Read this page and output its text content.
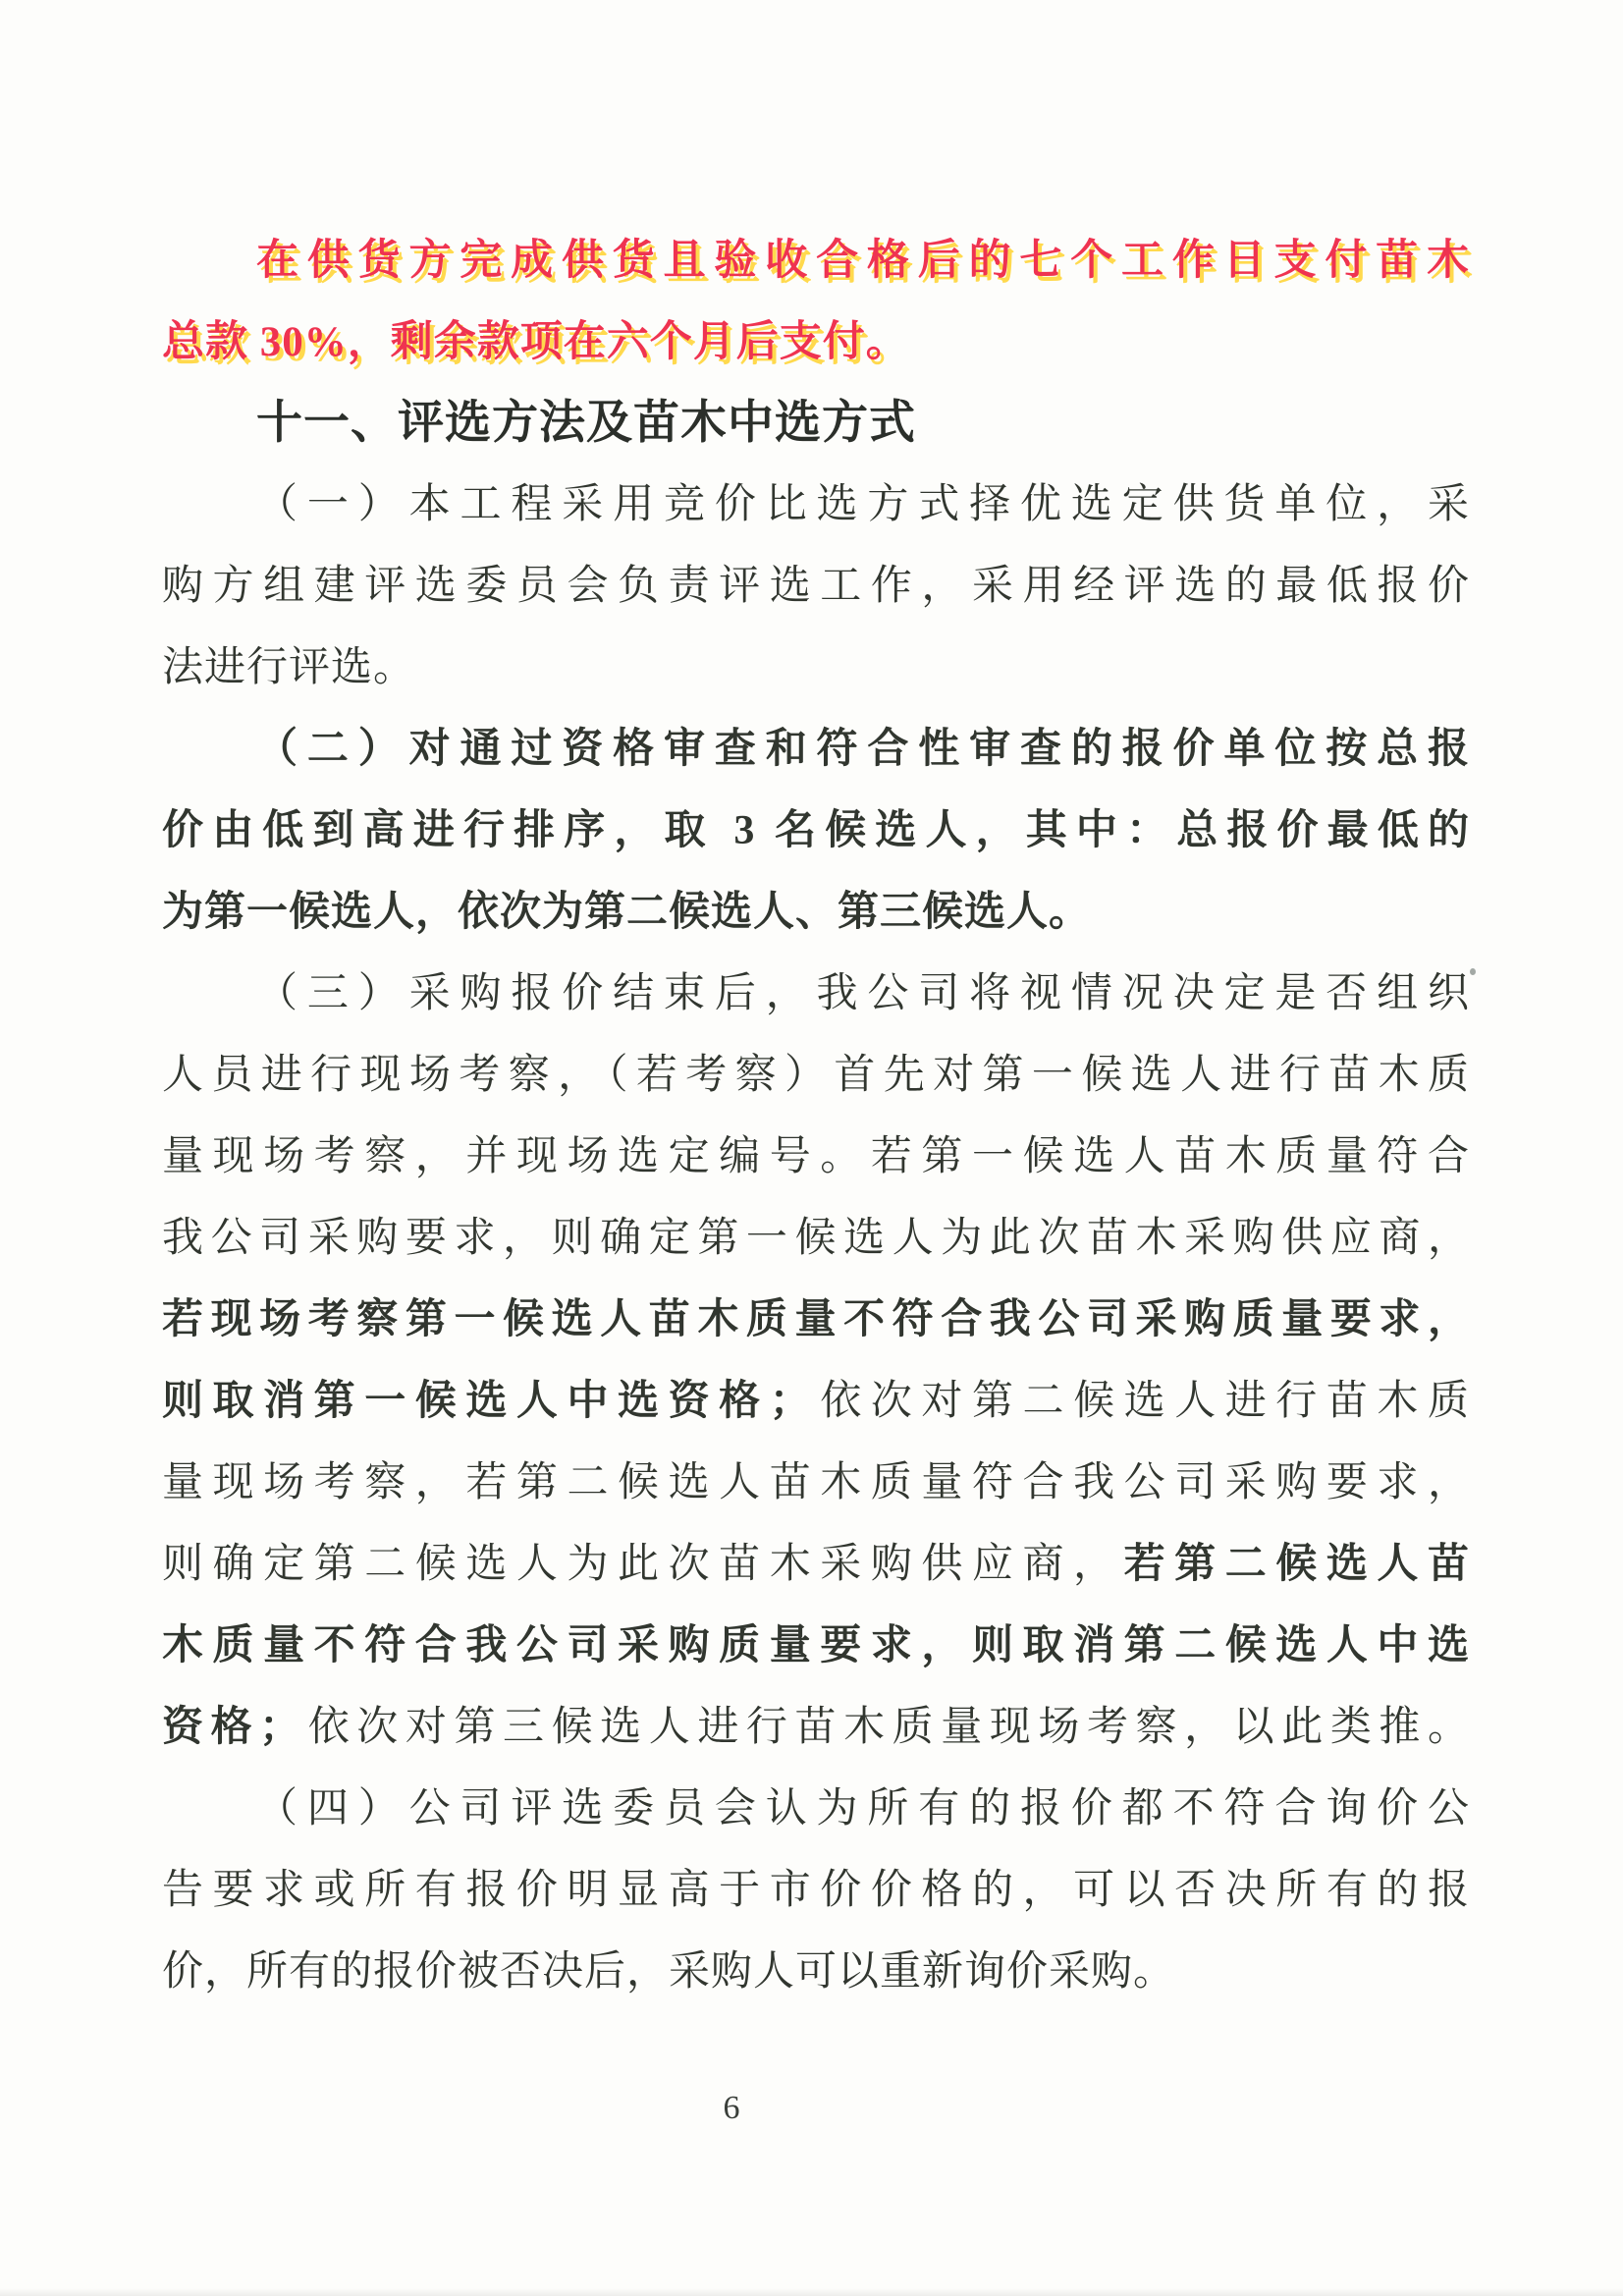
在供货方完成供货且验收合格后的七个工作日支付苗木
总款 30%，剩余款项在六个月后支付。
十一、评选方法及苗木中选方式
（一）本工程采用竞价比选方式择优选定供货单位，采
购方组建评选委员会负责评选工作，采用经评选的最低报价
法进行评选。
（二）对通过资格审查和符合性审查的报价单位按总报
价由低到高进行排序，取 3 名候选人，其中：总报价最低的
为第一候选人，依次为第二候选人、第三候选人。
（三）采购报价结束后，我公司将视情况决定是否组织
人员进行现场考察，（若考察）首先对第一候选人进行苗木质
量现场考察，并现场选定编号。若第一候选人苗木质量符合
我公司采购要求，则确定第一候选人为此次苗木采购供应商，
若现场考察第一候选人苗木质量不符合我公司采购质量要求，
则取消第一候选人中选资格；依次对第二候选人进行苗木质
量现场考察，若第二候选人苗木质量符合我公司采购要求，
则确定第二候选人为此次苗木采购供应商，若第二候选人苗
木质量不符合我公司采购质量要求，则取消第二候选人中选
资格；依次对第三候选人进行苗木质量现场考察，以此类推。
（四）公司评选委员会认为所有的报价都不符合询价公
告要求或所有报价明显高于市价价格的，可以否决所有的报
价，所有的报价被否决后，采购人可以重新询价采购。
6
